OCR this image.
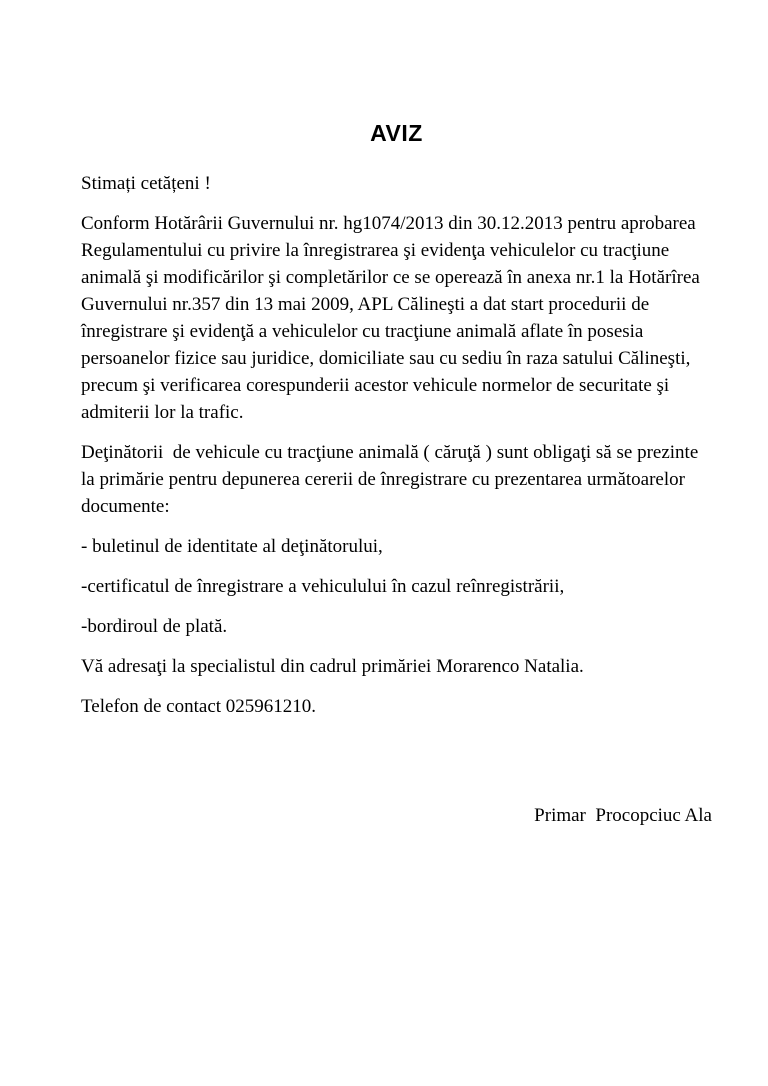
AVIZ

Stimați cetățeni !

Conform Hotărârii Guvernului nr. hg1074/2013 din 30.12.2013 pentru aprobarea Regulamentului cu privire la înregistrarea şi evidenţa vehiculelor cu tracţiune animală şi modificărilor şi completărilor ce se operează în anexa nr.1 la Hotărîrea Guvernului nr.357 din 13 mai 2009, APL Călineşti a dat start procedurii de înregistrare şi evidenţă a vehiculelor cu tracţiune animală aflate în posesia persoanelor fizice sau juridice, domiciliate sau cu sediu în raza satului Călineşti, precum şi verificarea corespunderii acestor vehicule normelor de securitate şi admiterii lor la trafic.

Deţinătorii  de vehicule cu tracţiune animală ( căruţă ) sunt obligaţi să se prezinte la primărie pentru depunerea cererii de înregistrare cu prezentarea următoarelor documente:

- buletinul de identitate al deţinătorului,

-certificatul de înregistrare a vehiculului în cazul reînregistrării,

-bordiroul de plată.

Vă adresaţi la specialistul din cadrul primăriei Morarenco Natalia.

Telefon de contact 025961210.

Primar  Procopciuc Ala
